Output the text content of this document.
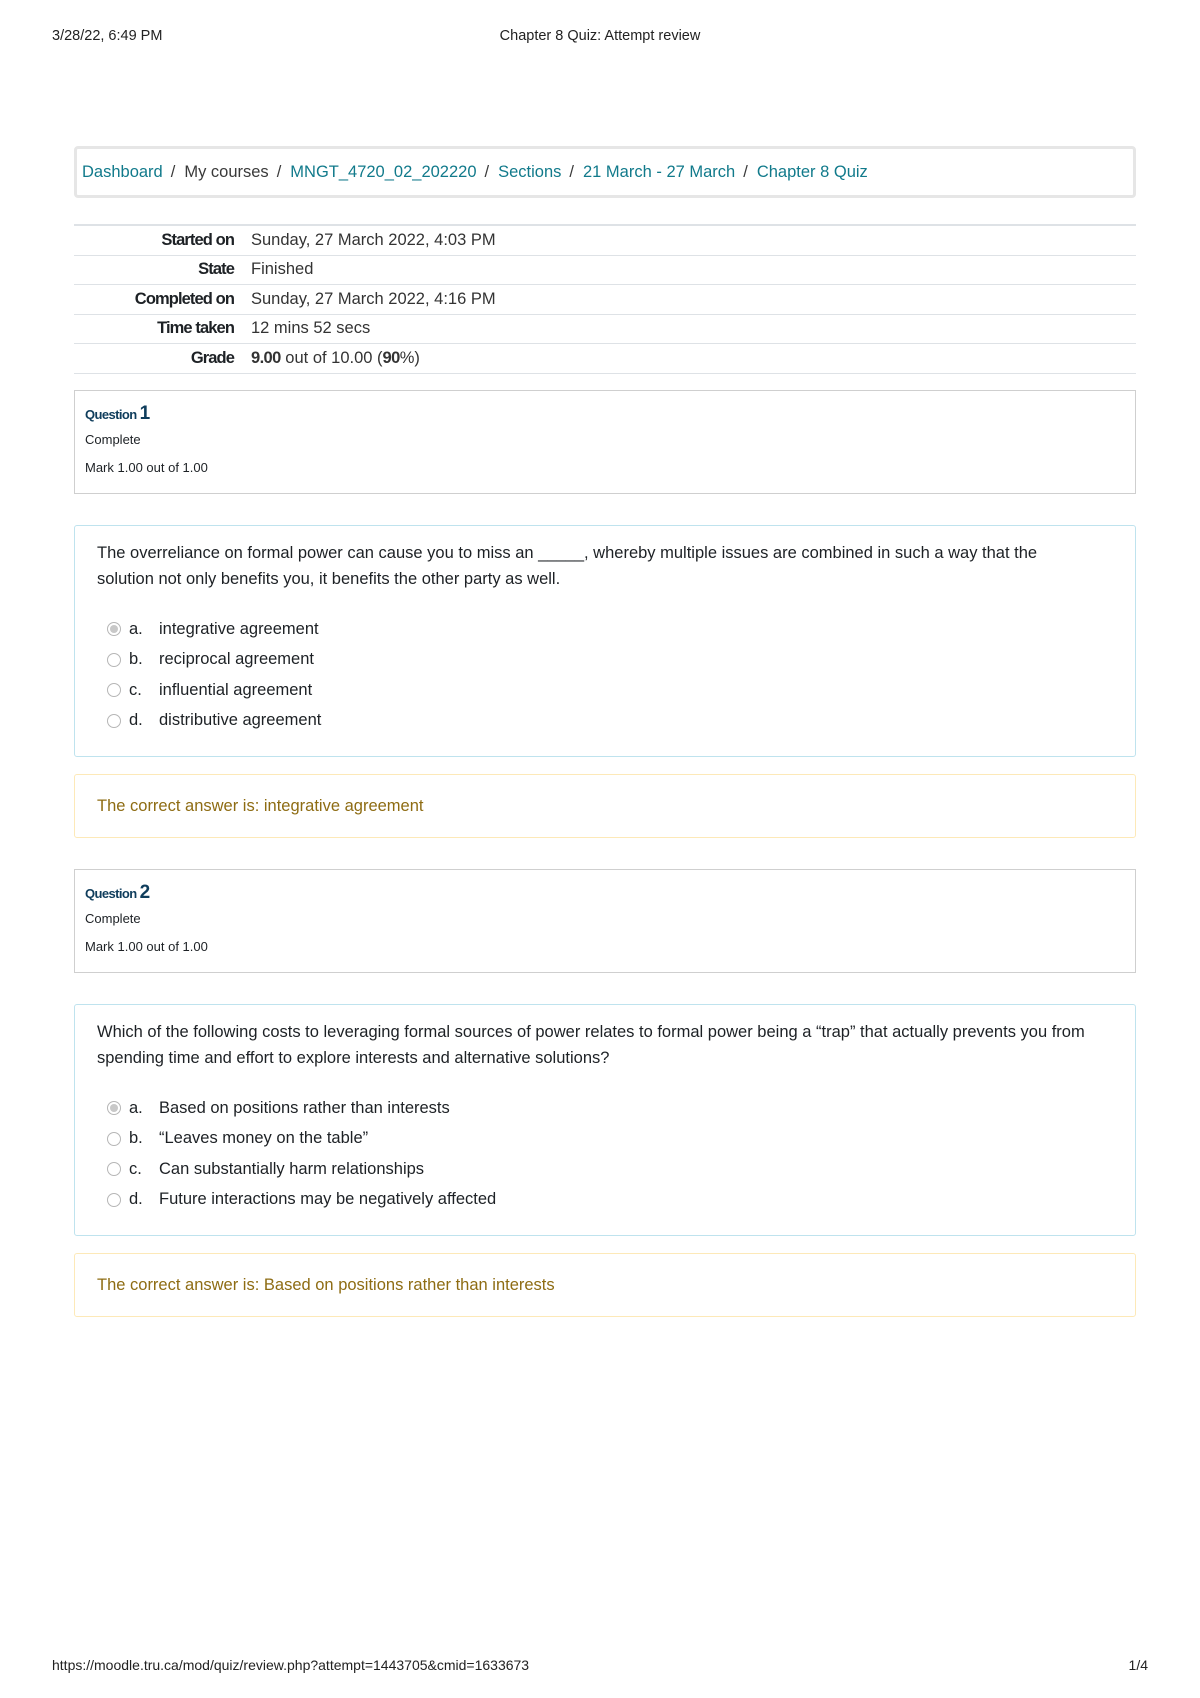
3/28/22, 6:49 PM	Chapter 8 Quiz: Attempt review
Dashboard / My courses / MNGT_4720_02_202220 / Sections / 21 March - 27 March / Chapter 8 Quiz
Started on	Sunday, 27 March 2022, 4:03 PM
State	Finished
Completed on	Sunday, 27 March 2022, 4:16 PM
Time taken	12 mins 52 secs
Grade	9.00 out of 10.00 (90%)
Question 1
Complete
Mark 1.00 out of 1.00
The overreliance on formal power can cause you to miss an _____, whereby multiple issues are combined in such a way that the solution not only benefits you, it benefits the other party as well.
a. integrative agreement
b. reciprocal agreement
c.	influential agreement
d. distributive agreement
The correct answer is: integrative agreement
Question 2
Complete
Mark 1.00 out of 1.00
Which of the following costs to leveraging formal sources of power relates to formal power being a “trap” that actually prevents you from spending time and effort to explore interests and alternative solutions?
a. Based on positions rather than interests
b. “Leaves money on the table”
c.	Can substantially harm relationships
d. Future interactions may be negatively affected
The correct answer is: Based on positions rather than interests
https://moodle.tru.ca/mod/quiz/review.php?attempt=1443705&cmid=1633673	1/4
